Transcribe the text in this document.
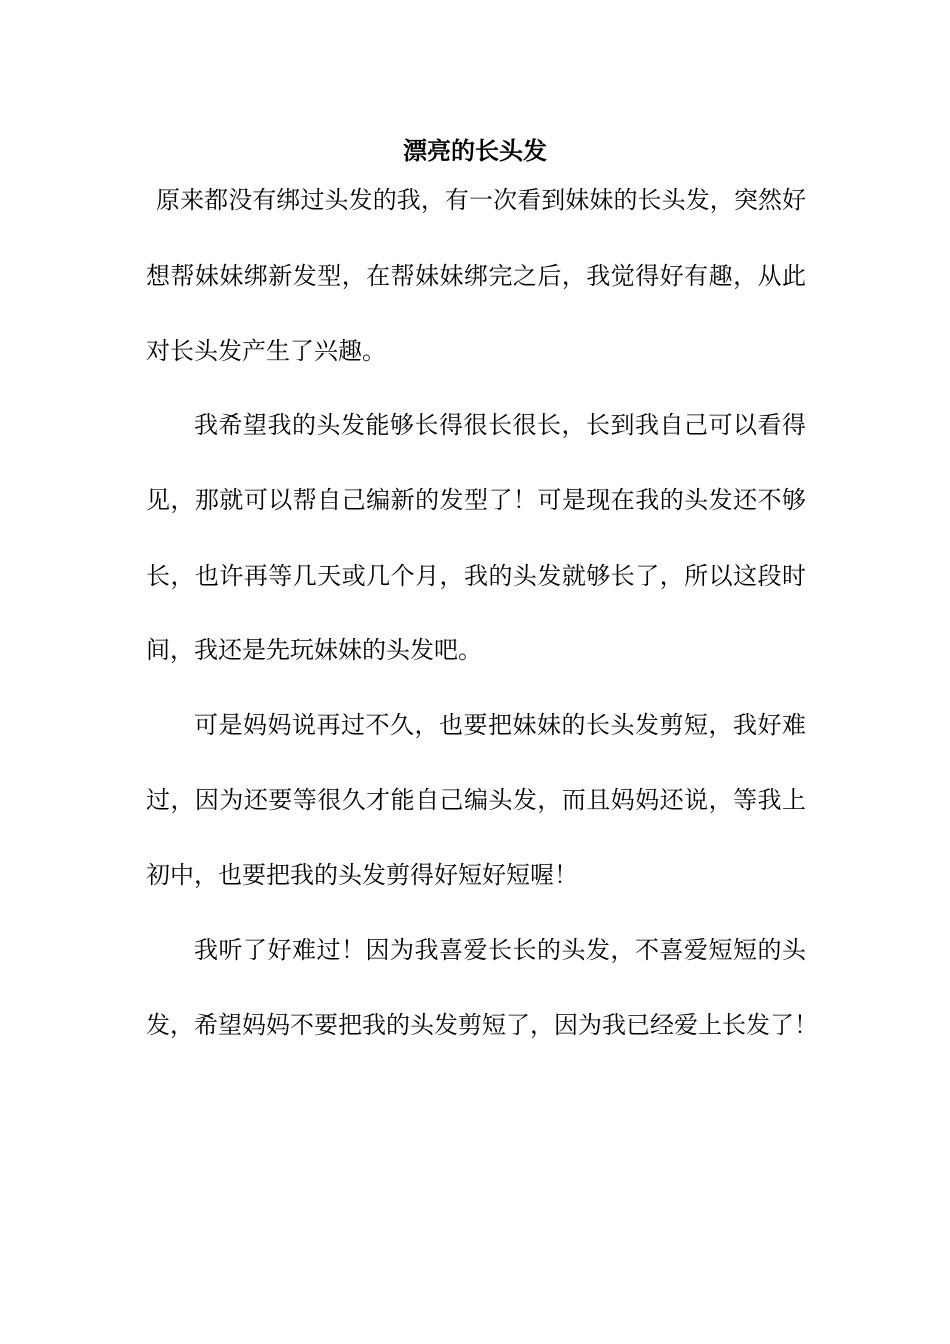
漂亮的长头发

原来都没有绑过头发的我，有一次看到妹妹的长头发，突然好

想帮妹妹绑新发型，在帮妹妹绑完之后，我觉得好有趣，从此

对长头发产生了兴趣。

我希望我的头发能够长得很长很长，长到我自己可以看得

见，那就可以帮自己编新的发型了！可是现在我的头发还不够

长，也许再等几天或几个月，我的头发就够长了，所以这段时

间，我还是先玩妹妹的头发吧。

可是妈妈说再过不久，也要把妹妹的长头发剪短，我好难

过，因为还要等很久才能自己编头发，而且妈妈还说，等我上

初中，也要把我的头发剪得好短好短喔！

我听了好难过！因为我喜爱长长的头发，不喜爱短短的头

发，希望妈妈不要把我的头发剪短了，因为我已经爱上长发了！
